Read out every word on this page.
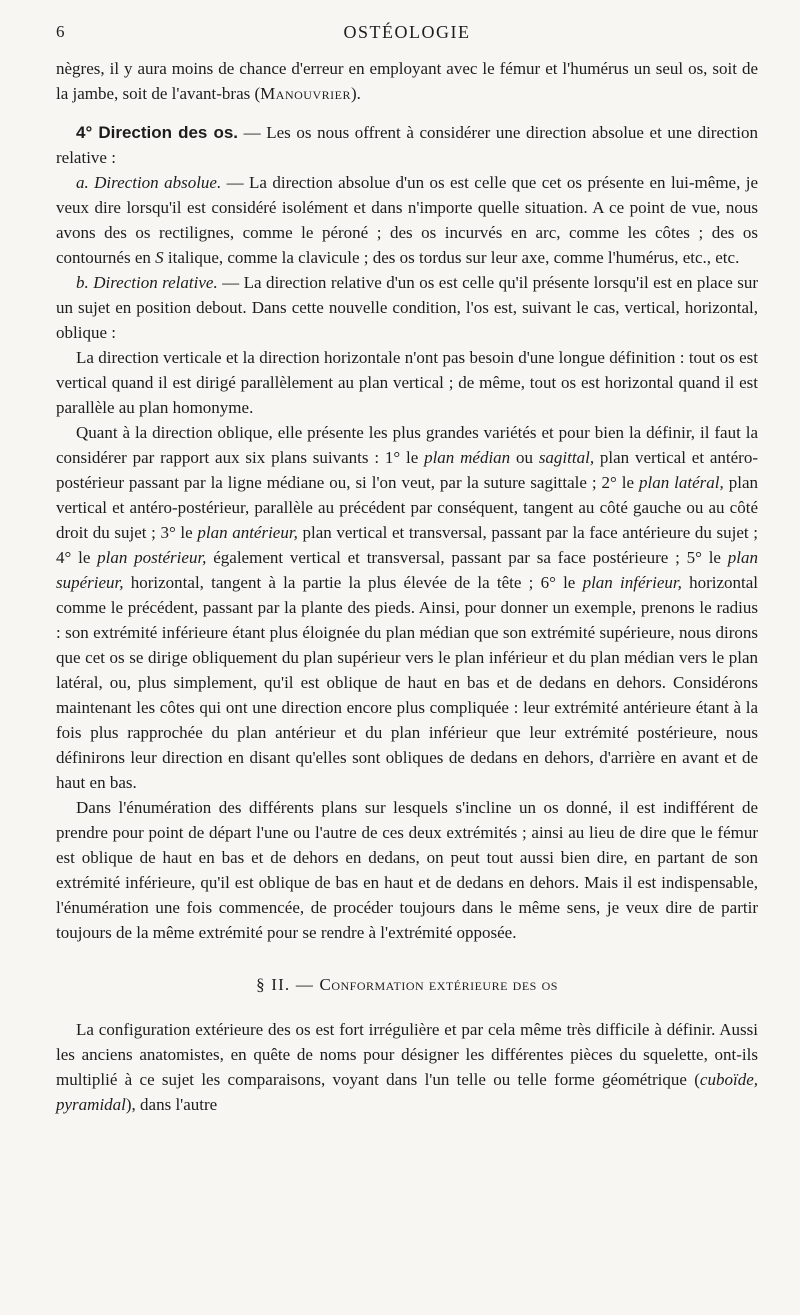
6	OSTÉOLOGIE

nègres, il y aura moins de chance d'erreur en employant avec le fémur et l'humérus un seul os, soit de la jambe, soit de l'avant-bras (Manouvrier).

4° Direction des os. — Les os nous offrent à considérer une direction absolue et une direction relative :

a. Direction absolue. — La direction absolue d'un os est celle que cet os présente en lui-même, je veux dire lorsqu'il est considéré isolément et dans n'importe quelle situation. A ce point de vue, nous avons des os rectilignes, comme le péroné ; des os incurvés en arc, comme les côtes ; des os contournés en S italique, comme la clavicule ; des os tordus sur leur axe, comme l'humérus, etc., etc.

b. Direction relative. — La direction relative d'un os est celle qu'il présente lorsqu'il est en place sur un sujet en position debout. Dans cette nouvelle condition, l'os est, suivant le cas, vertical, horizontal, oblique :

La direction verticale et la direction horizontale n'ont pas besoin d'une longue définition : tout os est vertical quand il est dirigé parallèlement au plan vertical ; de même, tout os est horizontal quand il est parallèle au plan homonyme.

Quant à la direction oblique, elle présente les plus grandes variétés et pour bien la définir, il faut la considérer par rapport aux six plans suivants : 1° le plan médian ou sagittal, plan vertical et antéro-postérieur passant par la ligne médiane ou, si l'on veut, par la suture sagittale ; 2° le plan latéral, plan vertical et antéro-postérieur, parallèle au précédent par conséquent, tangent au côté gauche ou au côté droit du sujet ; 3° le plan antérieur, plan vertical et transversal, passant par la face antérieure du sujet ; 4° le plan postérieur, également vertical et transversal, passant par sa face postérieure ; 5° le plan supérieur, horizontal, tangent à la partie la plus élevée de la tête ; 6° le plan inférieur, horizontal comme le précédent, passant par la plante des pieds. Ainsi, pour donner un exemple, prenons le radius : son extrémité inférieure étant plus éloignée du plan médian que son extrémité supérieure, nous dirons que cet os se dirige obliquement du plan supérieur vers le plan inférieur et du plan médian vers le plan latéral, ou, plus simplement, qu'il est oblique de haut en bas et de dedans en dehors. Considérons maintenant les côtes qui ont une direction encore plus compliquée : leur extrémité antérieure étant à la fois plus rapprochée du plan antérieur et du plan inférieur que leur extrémité postérieure, nous définirons leur direction en disant qu'elles sont obliques de dedans en dehors, d'arrière en avant et de haut en bas.

Dans l'énumération des différents plans sur lesquels s'incline un os donné, il est indifférent de prendre pour point de départ l'une ou l'autre de ces deux extrémités ; ainsi au lieu de dire que le fémur est oblique de haut en bas et de dehors en dedans, on peut tout aussi bien dire, en partant de son extrémité inférieure, qu'il est oblique de bas en haut et de dedans en dehors. Mais il est indispensable, l'énumération une fois commencée, de procéder toujours dans le même sens, je veux dire de partir toujours de la même extrémité pour se rendre à l'extrémité opposée.

§ II. — Conformation extérieure des os

La configuration extérieure des os est fort irrégulière et par cela même très difficile à définir. Aussi les anciens anatomistes, en quête de noms pour désigner les différentes pièces du squelette, ont-ils multiplié à ce sujet les comparaisons, voyant dans l'un telle ou telle forme géométrique (cuboïde, pyramidal), dans l'autre
